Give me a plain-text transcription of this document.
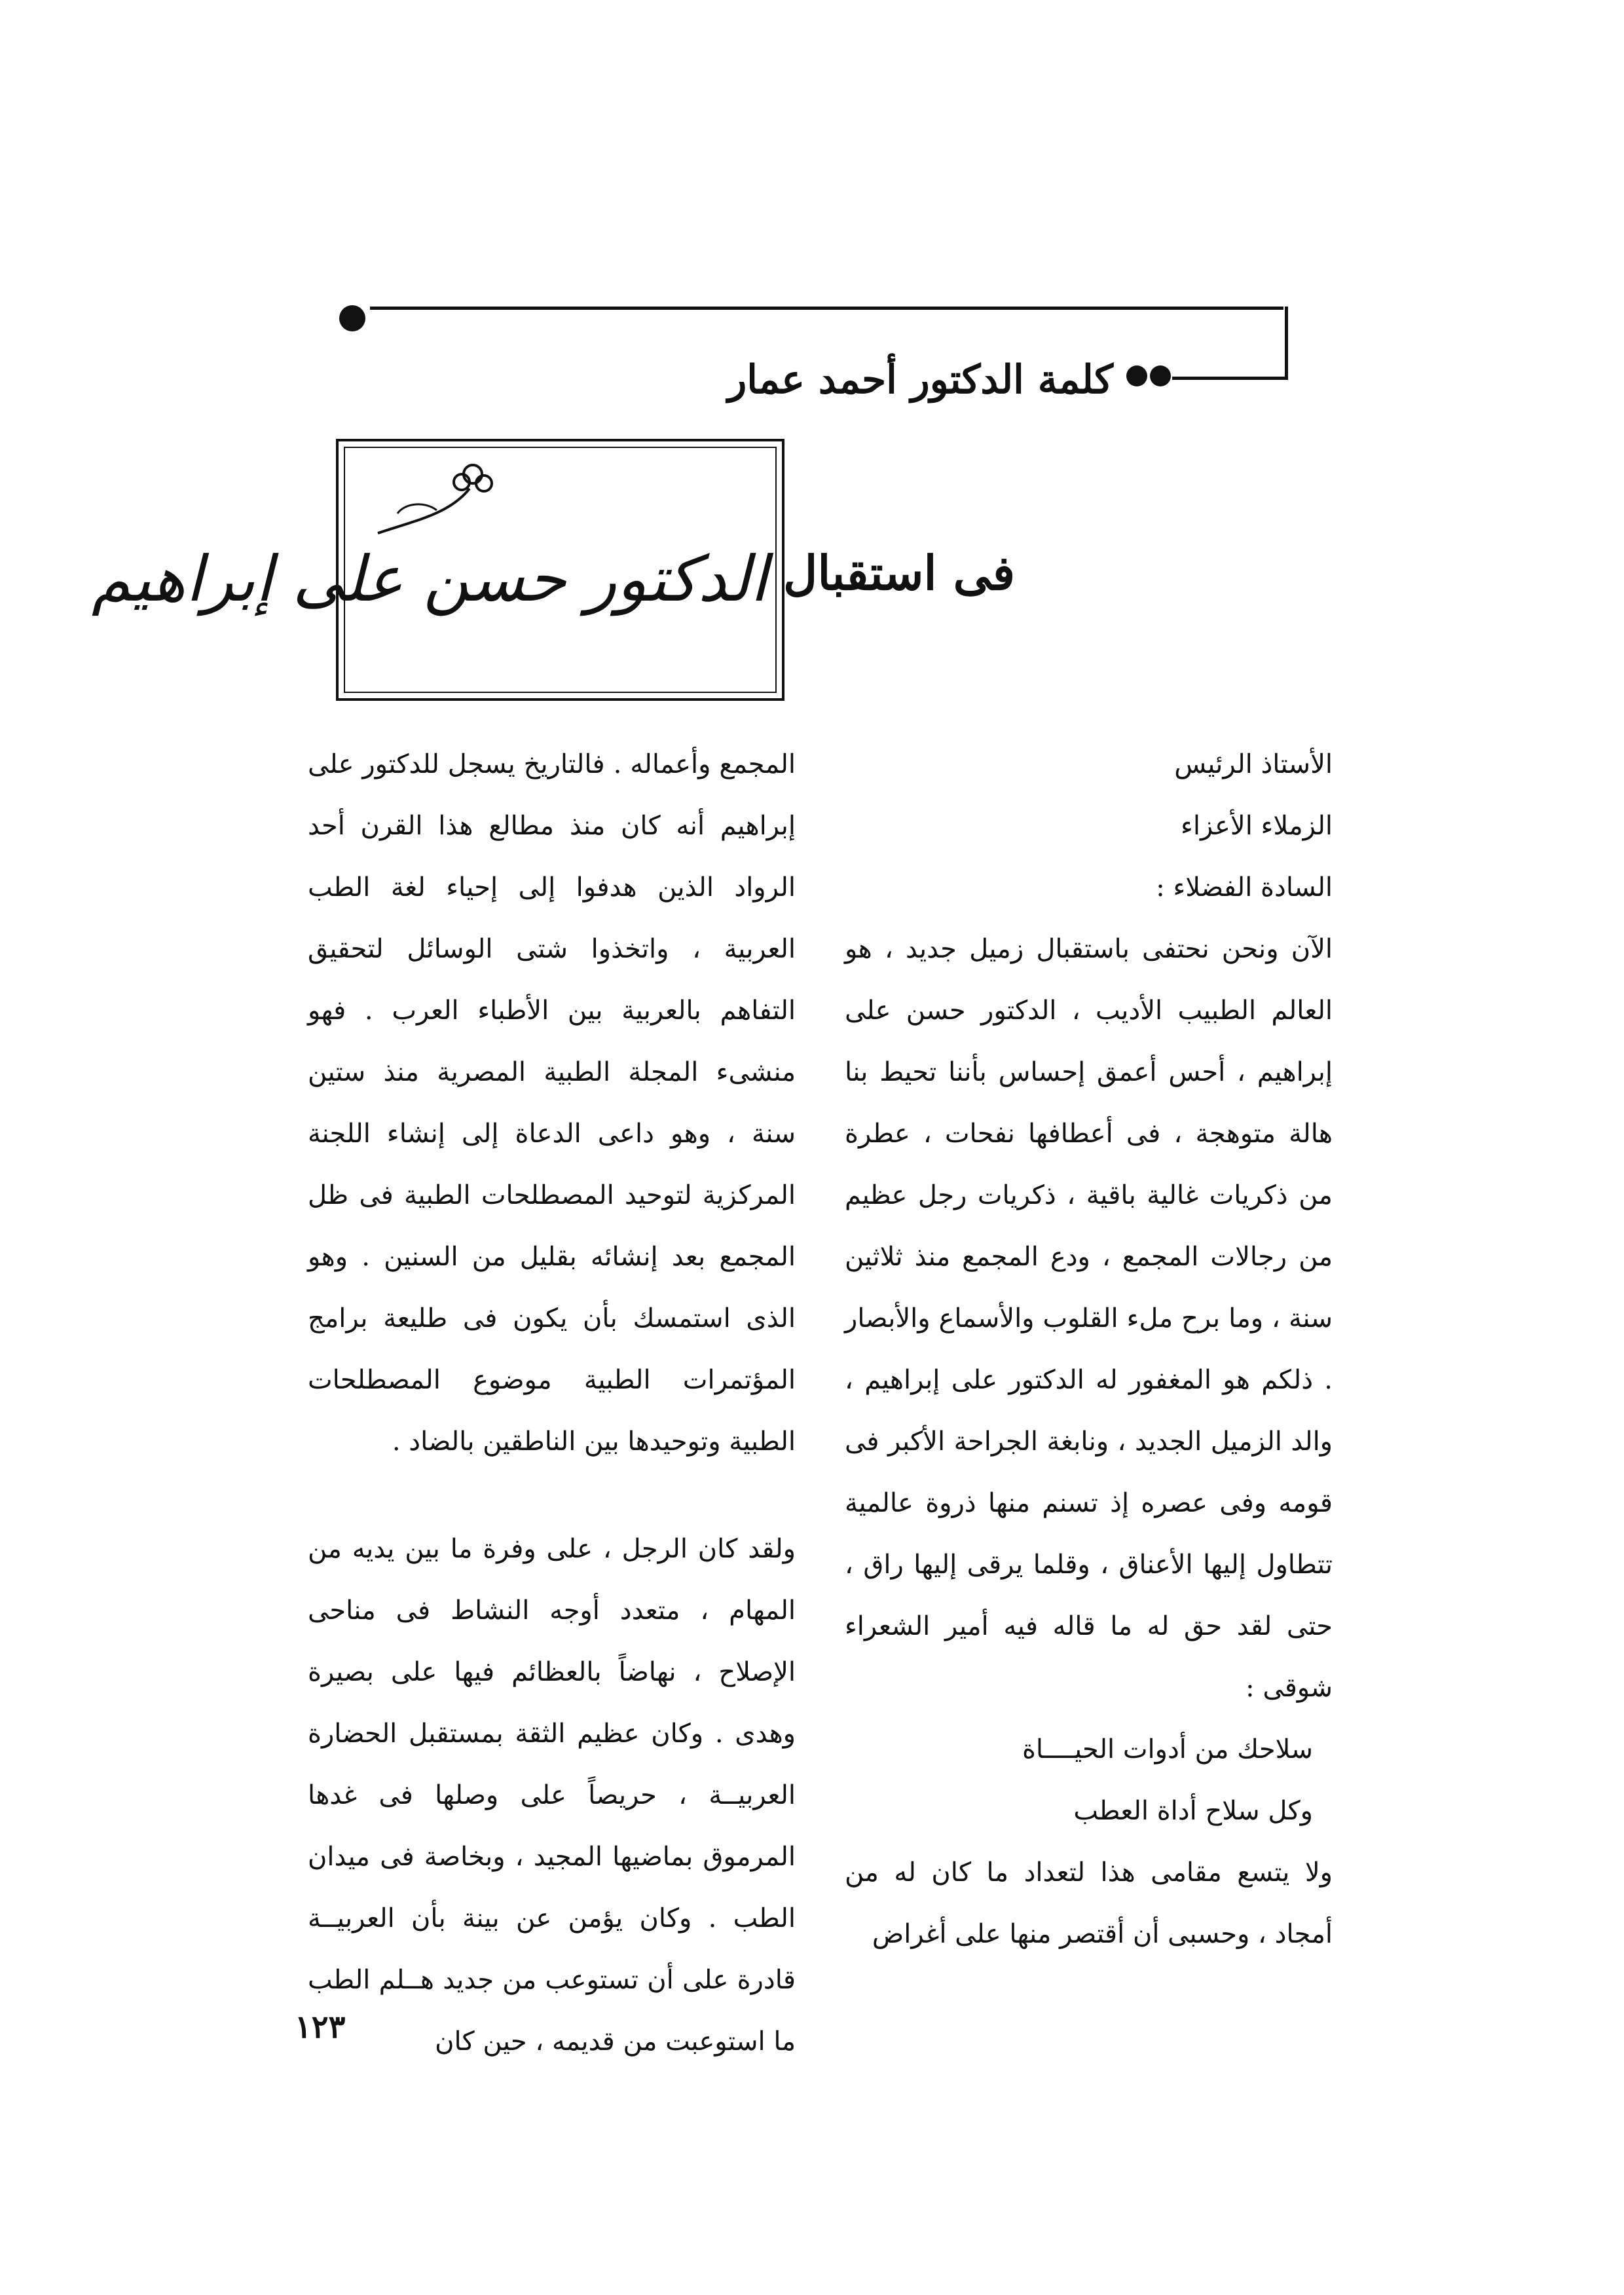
كلمة الدكتور أحمد عمار
فى استقبال
الدكتور حسن على إبراهيم
الأستاذ الرئيس
الزملاء الأعزاء
السادة الفضلاء :

الآن ونحن نحتفى باستقبال زميل جديد ، هو العالم الطبيب الأديب ، الدكتور حسن على إبراهيم ، أحس أعمق إحساس بأننا تحيط بنا هالة متوهجة ، فى أعطافها نفحات ، عطرة من ذكريات غالية باقية ، ذكريات رجل عظيم من رجالات المجمع ، ودع المجمع منذ ثلاثين سنة ، وما برح ملء القلوب والأسماع والأبصار . ذلكم هو المغفور له الدكتور على إبراهيم ، والد الزميل الجديد ، ونابغة الجراحة الأكبر فى قومه وفى عصره إذ تسنم منها ذروة عالمية تتطاول إليها الأعناق ، وقلما يرقى إليها راق ، حتى لقد حق له ما قاله فيه أمير الشعراء شوقى :

سلاحك من أدوات الحيــــاة
وكل سلاح أداة العطب

ولا يتسع مقامى هذا لتعداد ما كان له من أمجاد ، وحسبى أن أقتصر منها على أغراض

المجمع وأعماله . فالتاريخ يسجل للدكتور على إبراهيم أنه كان منذ مطالع هذا القرن أحد الرواد الذين هدفوا إلى إحياء لغة الطب العربية ، واتخذوا شتى الوسائل لتحقيق التفاهم بالعربية بين الأطباء العرب . فهو منشىء المجلة الطبية المصرية منذ ستين سنة ، وهو داعى الدعاة إلى إنشاء اللجنة المركزية لتوحيد المصطلحات الطبية فى ظل المجمع بعد إنشائه بقليل من السنين . وهو الذى استمسك بأن يكون فى طليعة برامج المؤتمرات الطبية موضوع المصطلحات الطبية وتوحيدها بين الناطقين بالضاد .

ولقد كان الرجل ، على وفرة ما بين يديه من المهام ، متعدد أوجه النشاط فى مناحى الإصلاح ، نهاضاً بالعظائم فيها على بصيرة وهدى . وكان عظيم الثقة بمستقبل الحضارة العربيــة ، حريصاً على وصلها فى غدها المرموق بماضيها المجيد ، وبخاصة فى ميدان الطب . وكان يؤمن عن بينة بأن العربيــة قادرة على أن تستوعب من جديد هــلم الطب ما استوعبت من قديمه ، حين كان

١٢٣
